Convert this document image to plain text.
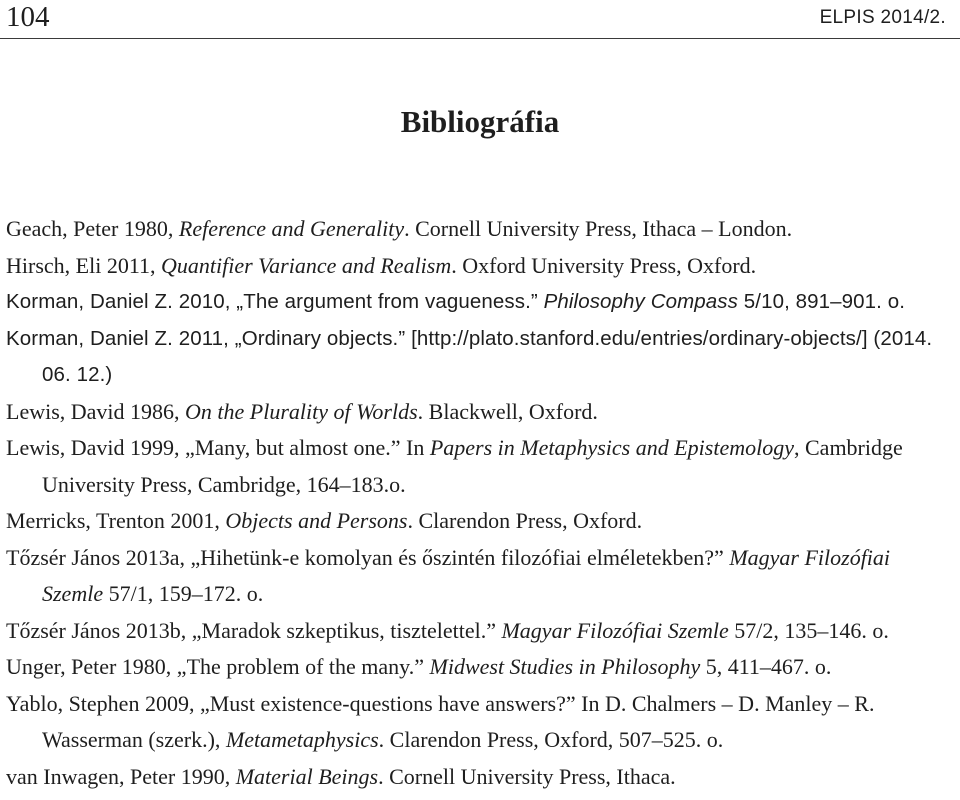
104	ELPIS 2014/2.
Bibliográfia
Geach, Peter 1980, Reference and Generality. Cornell University Press, Ithaca – London.
Hirsch, Eli 2011, Quantifier Variance and Realism. Oxford University Press, Oxford.
Korman, Daniel Z. 2010, „The argument from vagueness.” Philosophy Compass 5/10, 891–901. o.
Korman, Daniel Z. 2011, „Ordinary objects.” [http://plato.stanford.edu/entries/ordinary-objects/] (2014. 06. 12.)
Lewis, David 1986, On the Plurality of Worlds. Blackwell, Oxford.
Lewis, David 1999, „Many, but almost one.” In Papers in Metaphysics and Epistemology, Cambridge University Press, Cambridge, 164–183.o.
Merricks, Trenton 2001, Objects and Persons. Clarendon Press, Oxford.
Tőzsér János 2013a, „Hihetünk-e komolyan és őszintén filozófiai elméletekben?” Magyar Filozófiai Szemle 57/1, 159–172. o.
Tőzsér János 2013b, „Maradok szkeptikus, tisztelettel.” Magyar Filozófiai Szemle 57/2, 135–146. o.
Unger, Peter 1980, „The problem of the many.” Midwest Studies in Philosophy 5, 411–467. o.
Yablo, Stephen 2009, „Must existence-questions have answers?” In D. Chalmers – D. Manley – R. Wasserman (szerk.), Metametaphysics. Clarendon Press, Oxford, 507–525. o.
van Inwagen, Peter 1990, Material Beings. Cornell University Press, Ithaca.
